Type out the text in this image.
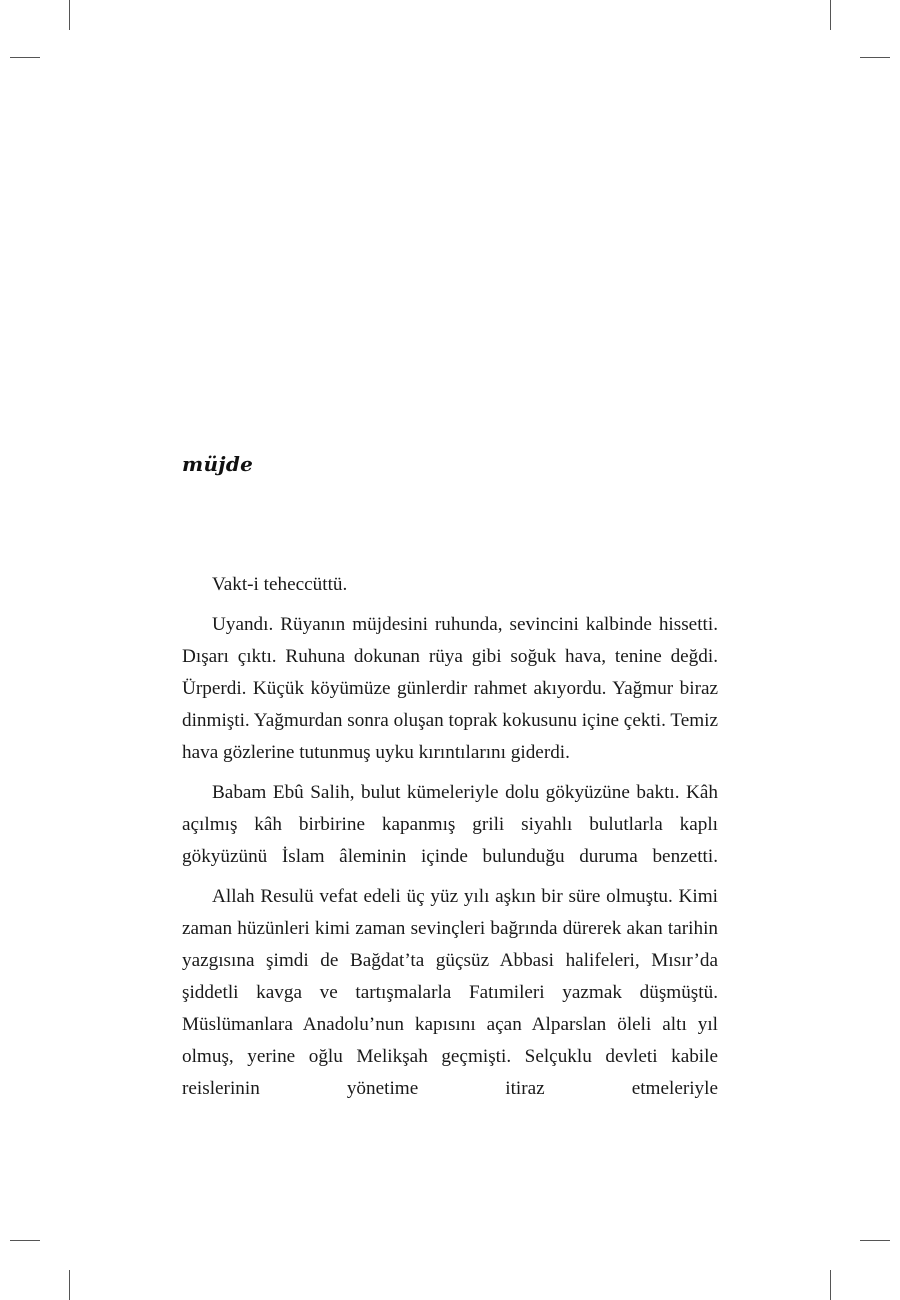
müjde

Vakt-i teheccüttü.

Uyandı. Rüyanın müjdesini ruhunda, sevincini kalbinde hissetti. Dışarı çıktı. Ruhuna dokunan rüya gibi soğuk hava, tenine değdi. Ürperdi. Küçük köyümüze günlerdir rahmet akıyordu. Yağmur biraz dinmişti. Yağmurdan sonra oluşan toprak kokusunu içine çekti. Temiz hava gözlerine tutunmuş uyku kırıntılarını giderdi.

Babam Ebû Salih, bulut kümeleriyle dolu gökyüzüne baktı. Kâh açılmış kâh birbirine kapanmış grili siyahlı bulutlarla kaplı gökyüzünü İslam âleminin içinde bulunduğu duruma benzetti.

Allah Resulü vefat edeli üç yüz yılı aşkın bir süre olmuştu. Kimi zaman hüzünleri kimi zaman sevinçleri bağrında dürerek akan tarihin yazgısına şimdi de Bağdat’ta güçsüz Abbasi halifeleri, Mısır’da şiddetli kavga ve tartışmalarla Fatımileri yazmak düşmüştü. Müslümanlara Anadolu’nun kapısını açan Alparslan öleli altı yıl olmuş, yerine oğlu Melikşah geçmişti. Selçuklu devleti kabile reislerinin yönetime itiraz etmeleriyle
